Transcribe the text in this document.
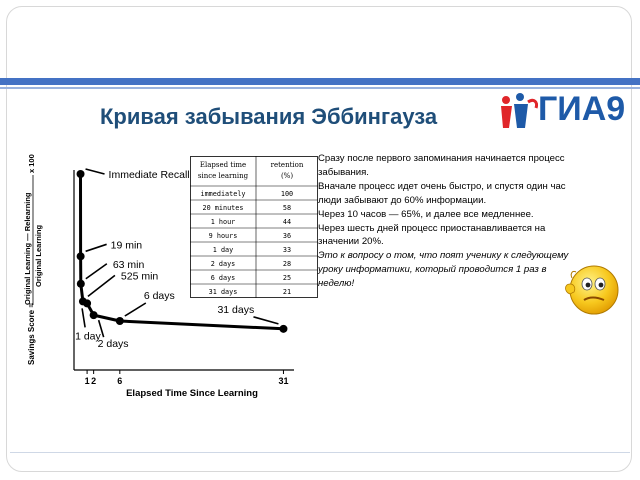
Кривая забывания Эббингауза	ГИА9
Savings Score =
Original Learning — Relearning Original Learning
x 100
1 2 6	31
Immediate Recall
19 min
63 min
525 min
1 day
2 days
6 days
31 days
Elapsed Time Since Learning
Elapsed time
since learning
retention
(%)
immediately	100
20 minutes	58
1 hour	44
9 hours	36
1 day	33
2 days	28
6 days	25
31 days	21

Сразу после первого запоминания начинается процесс забывания.

Вначале процесс идет очень быстро, и спустя один час люди забывают до 60% информации.

Через 10 часов — 65%, и далее все медленнее.

Через шесть дней процесс приостанавливается на значении 20%.

Это к вопросу о том, что поят ученику к следующему уроку информатики, который проводится 1 раз в неделю!
